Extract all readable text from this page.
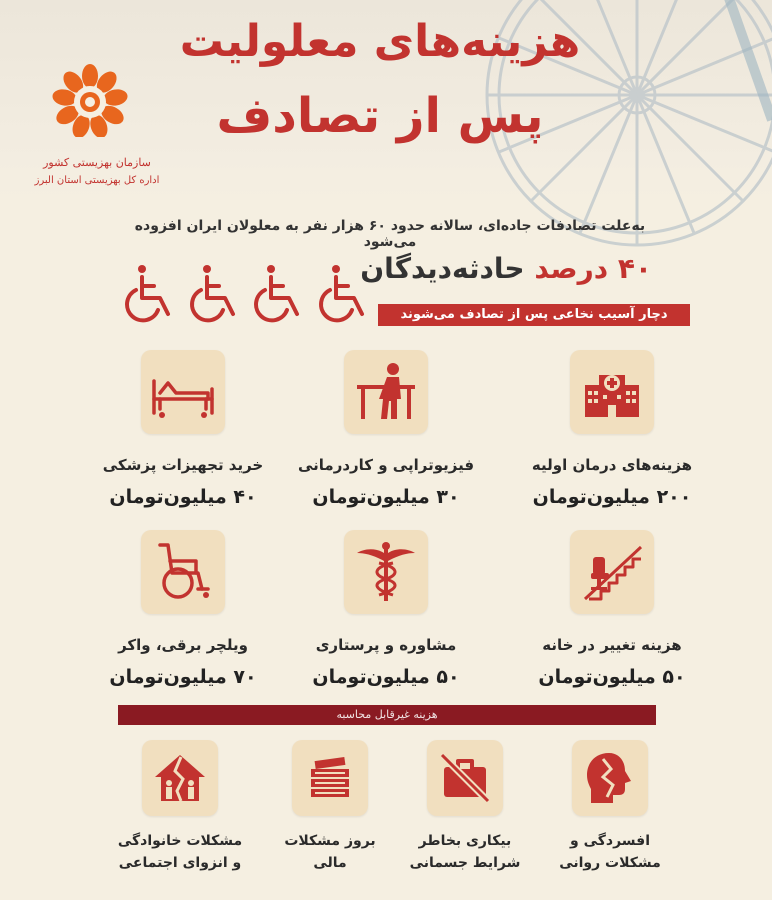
هزینه‌های معلولیت
پس از تصادف
سازمان بهزیستی کشور
اداره کل بهزیستی استان البرز
به‌علت تصادفات جاده‌ای، سالانه حدود ۶۰ هزار نفر به معلولان ایران افزوده می‌شود
۴۰ درصد حادثه‌دیدگان
دچار آسیب نخاعی پس از تصادف می‌شوند
هزینه‌های درمان اولیه
۲۰۰ میلیون‌تومان
فیزیوتراپی و کاردرمانی
۳۰ میلیون‌تومان
خرید تجهیزات پزشکی
۴۰ میلیون‌تومان
هزینه تغییر در خانه
۵۰ میلیون‌تومان
مشاوره و پرستاری
۵۰ میلیون‌تومان
ویلچر برقی، واکر
۷۰ میلیون‌تومان
هزینه غیرقابل محاسبه
افسردگی و
مشکلات روانی
بیکاری بخاطر
شرایط جسمانی
بروز مشکلات
مالی
مشکلات خانوادگی
و انزوای اجتماعی
